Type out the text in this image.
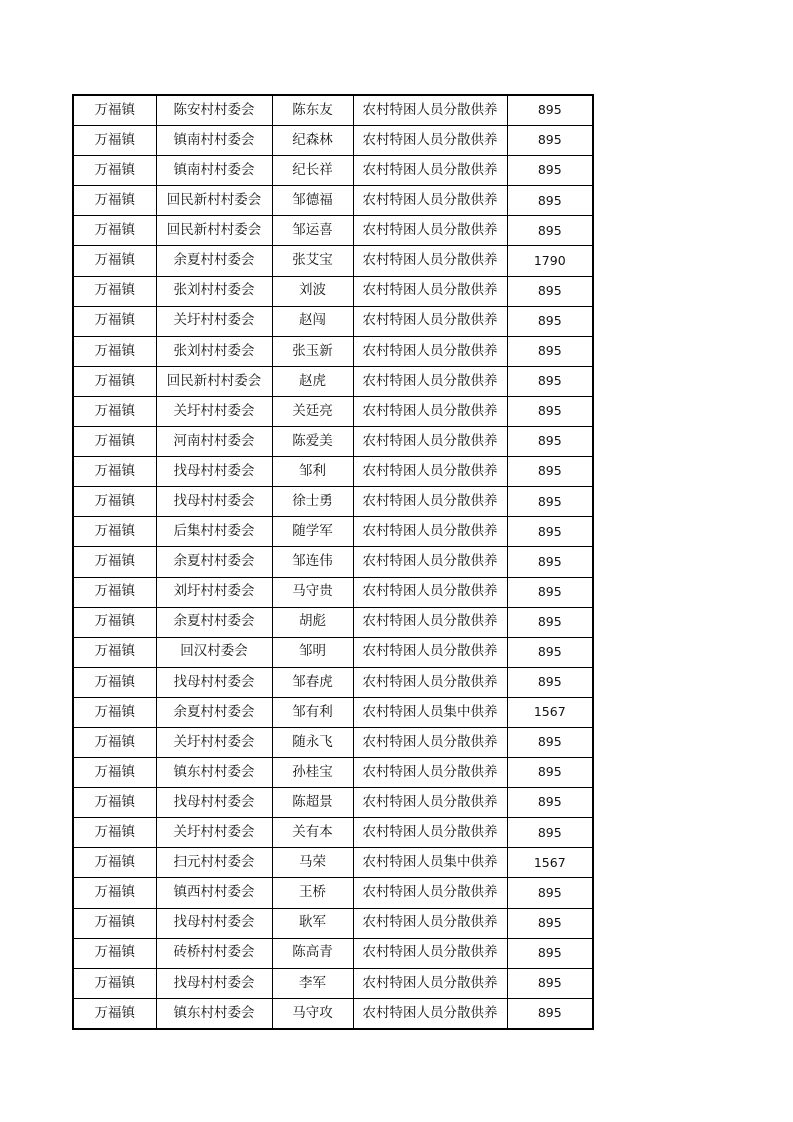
万福镇	陈安村村委会	陈东友	农村特困人员分散供养	895
万福镇	镇南村村委会	纪森林	农村特困人员分散供养	895
万福镇	镇南村村委会	纪长祥	农村特困人员分散供养	895
万福镇	回民新村村委会	邹德福	农村特困人员分散供养	895
万福镇	回民新村村委会	邹运喜	农村特困人员分散供养	895
万福镇	余夏村村委会	张艾宝	农村特困人员分散供养	1790
万福镇	张刘村村委会	刘波	农村特困人员分散供养	895
万福镇	关圩村村委会	赵闯	农村特困人员分散供养	895
万福镇	张刘村村委会	张玉新	农村特困人员分散供养	895
万福镇	回民新村村委会	赵虎	农村特困人员分散供养	895
万福镇	关圩村村委会	关廷亮	农村特困人员分散供养	895
万福镇	河南村村委会	陈爱美	农村特困人员分散供养	895
万福镇	找母村村委会	邹利	农村特困人员分散供养	895
万福镇	找母村村委会	徐士勇	农村特困人员分散供养	895
万福镇	后集村村委会	随学军	农村特困人员分散供养	895
万福镇	余夏村村委会	邹连伟	农村特困人员分散供养	895
万福镇	刘圩村村委会	马守贵	农村特困人员分散供养	895
万福镇	余夏村村委会	胡彪	农村特困人员分散供养	895
万福镇	回汉村委会	邹明	农村特困人员分散供养	895
万福镇	找母村村委会	邹春虎	农村特困人员分散供养	895
万福镇	余夏村村委会	邹有利	农村特困人员集中供养	1567
万福镇	关圩村村委会	随永飞	农村特困人员分散供养	895
万福镇	镇东村村委会	孙桂宝	农村特困人员分散供养	895
万福镇	找母村村委会	陈超景	农村特困人员分散供养	895
万福镇	关圩村村委会	关有本	农村特困人员分散供养	895
万福镇	扫元村村委会	马荣	农村特困人员集中供养	1567
万福镇	镇西村村委会	王桥	农村特困人员分散供养	895
万福镇	找母村村委会	耿军	农村特困人员分散供养	895
万福镇	砖桥村村委会	陈高青	农村特困人员分散供养	895
万福镇	找母村村委会	李军	农村特困人员分散供养	895
万福镇	镇东村村委会	马守攻	农村特困人员分散供养	895
